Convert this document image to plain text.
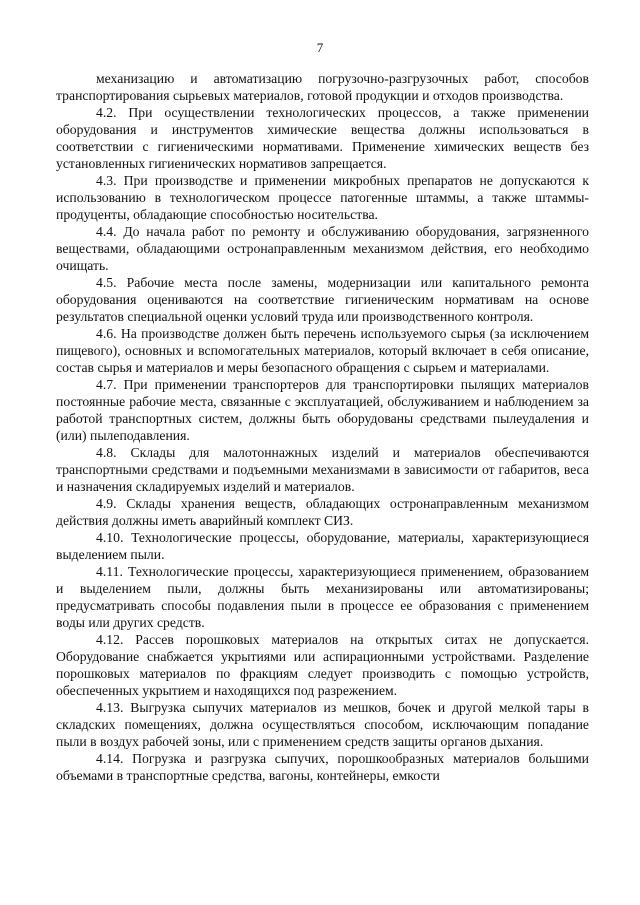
7

механизацию и автоматизацию погрузочно-разгрузочных работ, способов транспортирования сырьевых материалов, готовой продукции и отходов производства.

4.2. При осуществлении технологических процессов, а также применении оборудования и инструментов химические вещества должны использоваться в соответствии с гигиеническими нормативами. Применение химических веществ без установленных гигиенических нормативов запрещается.

4.3. При производстве и применении микробных препаратов не допускаются к использованию в технологическом процессе патогенные штаммы, а также штаммы-продуценты, обладающие способностью носительства.

4.4. До начала работ по ремонту и обслуживанию оборудования, загрязненного веществами, обладающими остронаправленным механизмом действия, его необходимо очищать.

4.5. Рабочие места после замены, модернизации или капитального ремонта оборудования оцениваются на соответствие гигиеническим нормативам на основе результатов специальной оценки условий труда или производственного контроля.

4.6. На производстве должен быть перечень используемого сырья (за исключением пищевого), основных и вспомогательных материалов, который включает в себя описание, состав сырья и материалов и меры безопасного обращения с сырьем и материалами.

4.7. При применении транспортеров для транспортировки пылящих материалов постоянные рабочие места, связанные с эксплуатацией, обслуживанием и наблюдением за работой транспортных систем, должны быть оборудованы средствами пылеудаления и (или) пылеподавления.

4.8. Склады для малотоннажных изделий и материалов обеспечиваются транспортными средствами и подъемными механизмами в зависимости от габаритов, веса и назначения складируемых изделий и материалов.

4.9. Склады хранения веществ, обладающих остронаправленным механизмом действия должны иметь аварийный комплект СИЗ.

4.10. Технологические процессы, оборудование, материалы, характеризующиеся выделением пыли.

4.11. Технологические процессы, характеризующиеся применением, образованием и выделением пыли, должны быть механизированы или автоматизированы; предусматривать способы подавления пыли в процессе ее образования с применением воды или других средств.

4.12. Рассев порошковых материалов на открытых ситах не допускается. Оборудование снабжается укрытиями или аспирационными устройствами. Разделение порошковых материалов по фракциям следует производить с помощью устройств, обеспеченных укрытием и находящихся под разрежением.

4.13. Выгрузка сыпучих материалов из мешков, бочек и другой мелкой тары в складских помещениях, должна осуществляться способом, исключающим попадание пыли в воздух рабочей зоны, или с применением средств защиты органов дыхания.

4.14. Погрузка и разгрузка сыпучих, порошкообразных материалов большими объемами в транспортные средства, вагоны, контейнеры, емкости
